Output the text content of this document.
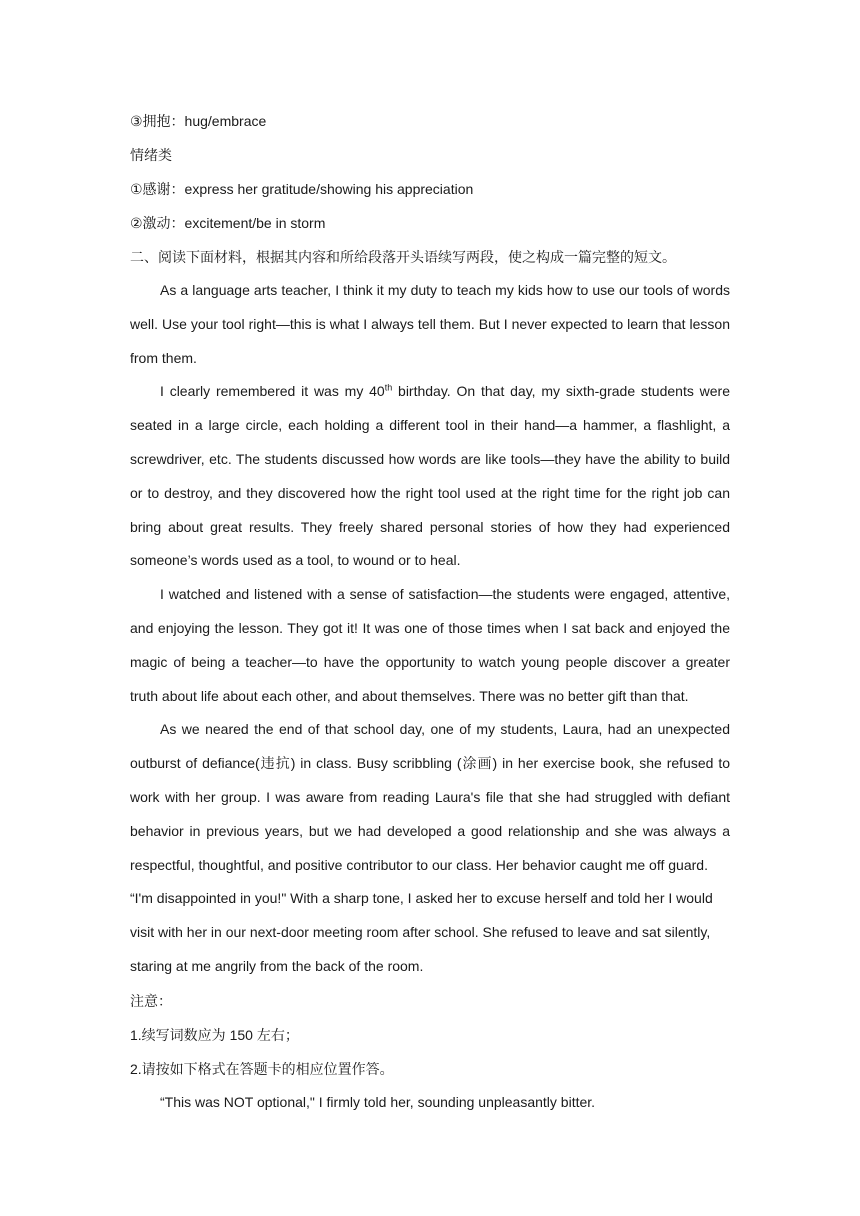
③拥抱：hug/embrace
情绪类
①感谢：express her gratitude/showing his appreciation
②激动：excitement/be in storm
二、阅读下面材料，根据其内容和所给段落开头语续写两段，使之构成一篇完整的短文。

As a language arts teacher, I think it my duty to teach my kids how to use our tools of words well. Use your tool right—this is what I always tell them. But I never expected to learn that lesson from them.

I clearly remembered it was my 40th birthday. On that day, my sixth-grade students were seated in a large circle, each holding a different tool in their hand—a hammer, a flashlight, a screwdriver, etc. The students discussed how words are like tools—they have the ability to build or to destroy, and they discovered how the right tool used at the right time for the right job can bring about great results. They freely shared personal stories of how they had experienced someone’s words used as a tool, to wound or to heal.

I watched and listened with a sense of satisfaction—the students were engaged, attentive, and enjoying the lesson. They got it! It was one of those times when I sat back and enjoyed the magic of being a teacher—to have the opportunity to watch young people discover a greater truth about life about each other, and about themselves. There was no better gift than that.

As we neared the end of that school day, one of my students, Laura, had an unexpected outburst of defiance(违抗) in class. Busy scribbling (涂画) in her exercise book, she refused to work with her group. I was aware from reading Laura's file that she had struggled with defiant behavior in previous years, but we had developed a good relationship and she was always a respectful, thoughtful, and positive contributor to our class. Her behavior caught me off guard.

“I'm disappointed in you!" With a sharp tone, I asked her to excuse herself and told her I would visit with her in our next-door meeting room after school. She refused to leave and sat silently, staring at me angrily from the back of the room.

注意：
1.续写词数应为 150 左右；
2.请按如下格式在答题卡的相应位置作答。

“This was NOT optional," I firmly told her, sounding unpleasantly bitter.
